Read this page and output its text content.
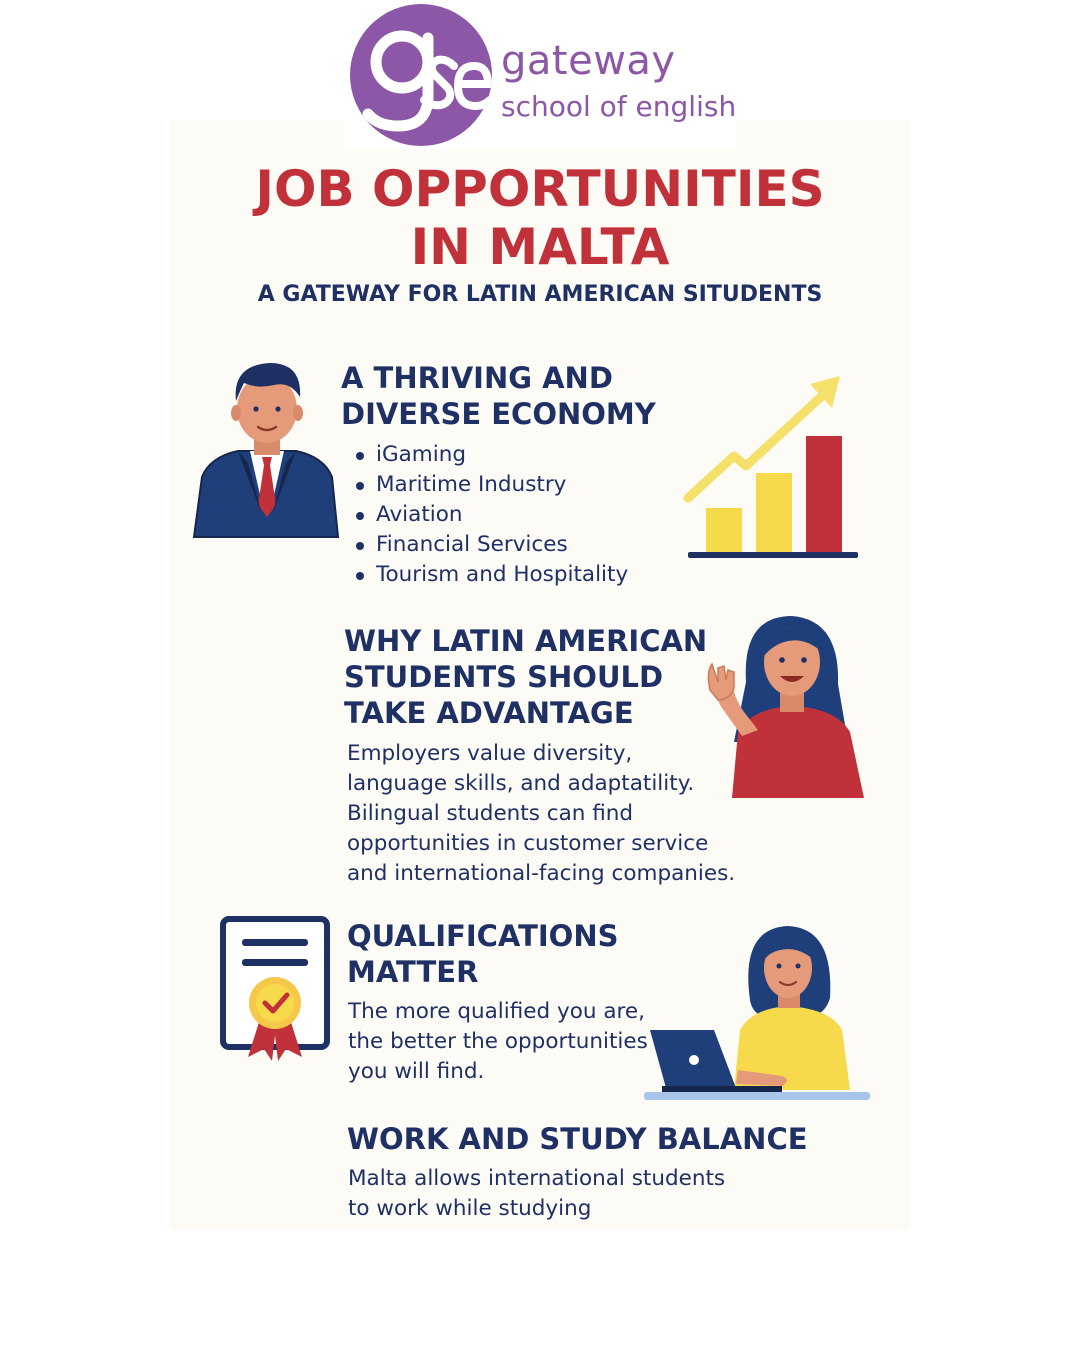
gateway
school of english
JOB OPPORTUNITIES
IN MALTA
A GATEWAY FOR LATIN AMERICAN SITUDENTS
A THRIVING AND
DIVERSE ECONOMY
iGaming
Maritime Industry
Aviation
Financial Services
Tourism and Hospitality
WHY LATIN AMERICAN
STUDENTS SHOULD
TAKE ADVANTAGE
Employers value diversity,
language skills, and adaptatility.
Bilingual students can find
opportunities in customer service
and international-facing companies.
QUALIFICATIONS
MATTER
The more qualified you are,
the better the opportunities
you will find.
WORK AND STUDY BALANCE
Malta allows international students
to work while studying
